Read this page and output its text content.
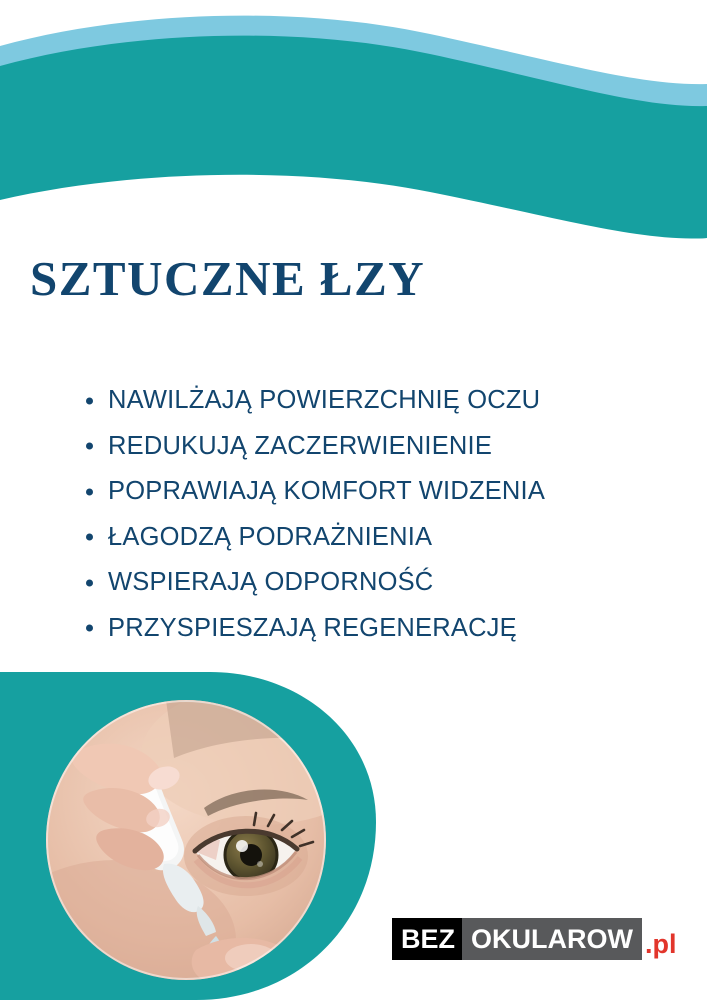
SZTUCZNE ŁZY
NAWILŻAJĄ POWIERZCHNIĘ OCZU
REDUKUJĄ ZACZERWIENIENIE
POPRAWIAJĄ KOMFORT WIDZENIA
ŁAGODZĄ PODRAŻNIENIA
WSPIERAJĄ ODPORNOŚĆ
PRZYSPIESZAJĄ REGENERACJĘ
BEZ OKULAROW .pl
